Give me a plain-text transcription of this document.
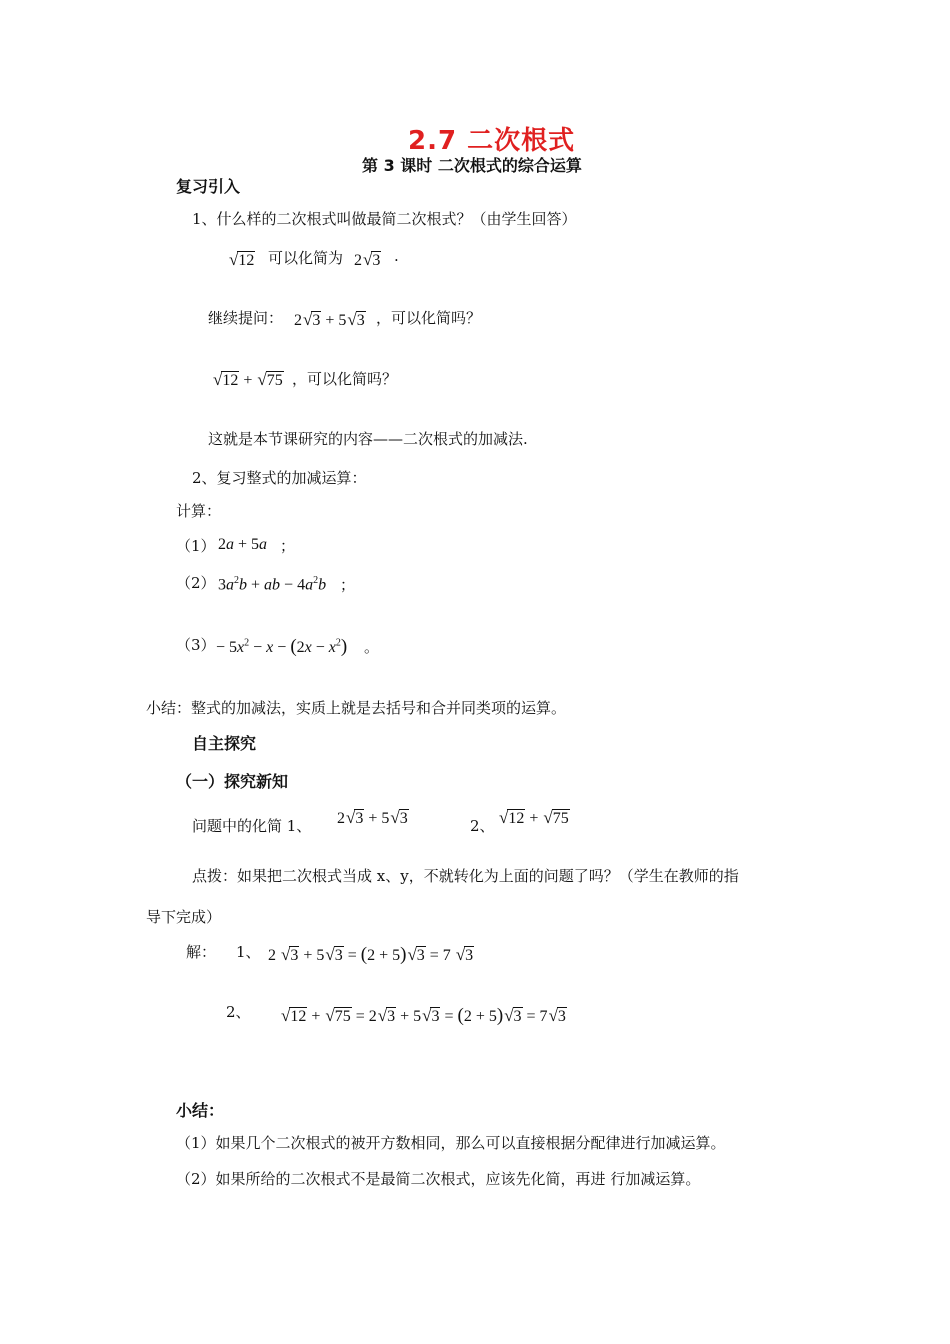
2.7 二次根式
第 3 课时 二次根式的综合运算
复习引入
1、什么样的二次根式叫做最简二次根式？（由学生回答）
√12 可以化简为 2√3 .
继续提问： 2√3 + 5√3 ，可以化简吗？
√12 + √75 ，可以化简吗？
这就是本节课研究的内容——二次根式的加减法.
2、复习整式的加减运算：
计算：
（1） 2a + 5a ；
（2） $3a^2b$ + ab − $4a^2b$ ；
$(3) - 5x^2 - x - (2x - x^2)$ 。
小结：整式的加减法，实质上就是去括号和合并同类项的运算。
自主探究
（一）探究新知
问题中的化简 1、 2√3 + 5√3	2、 √12 + √75
点拨：如果把二次根式当成 x、y，不就转化为上面的问题了吗？（学生在教师的指
导下完成）
解： 1、 2 √3 + 5√3 = (2 + 5)√3 = 7 √3
2、 √12 + √75 = 2√3 + 5√3 = (2 + 5)√3 = 7√3
小结：
（1）如果几个二次根式的被开方数相同，那么可以直接根据分配律进行加减运算。
（2）如果所给的二次根式不是最简二次根式，应该先化简，再进 行加减运算。
